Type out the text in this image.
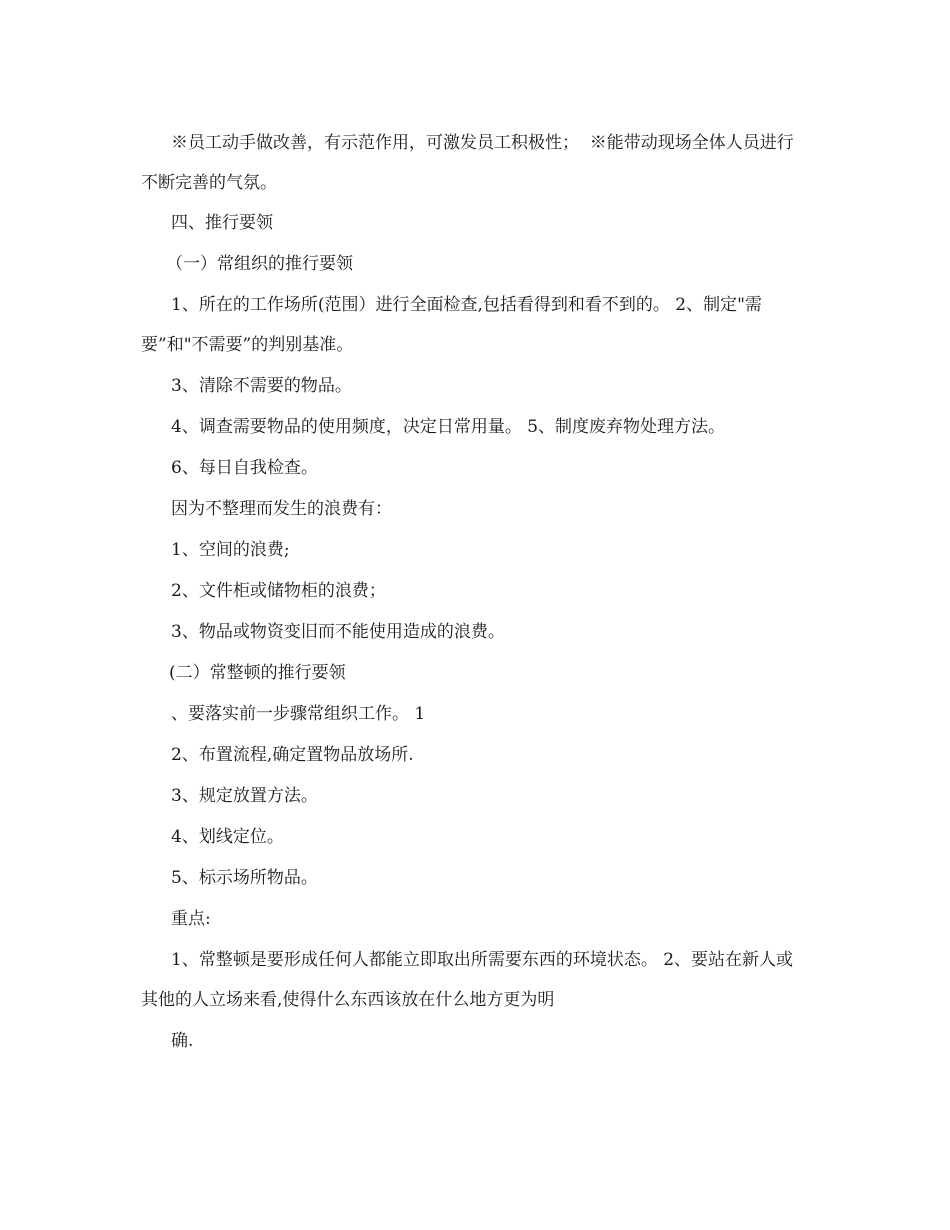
※员工动手做改善，有示范作用，可激发员工积极性；  ※能带动现场全体人员进行不断完善的气氛。

四、推行要领

（一）常组织的推行要领

1、所在的工作场所(范围）进行全面检查,包括看得到和看不到的。 2、制定"需要”和"不需要”的判别基准。

3、清除不需要的物品。

4、调查需要物品的使用频度，决定日常用量。 5、制度废弃物处理方法。

6、每日自我检查。

因为不整理而发生的浪费有：

1、空间的浪费;

2、文件柜或储物柜的浪费；

3、物品或物资变旧而不能使用造成的浪费。

(二）常整顿的推行要领

、要落实前一步骤常组织工作。 1

2、布置流程,确定置物品放场所.

3、规定放置方法。

4、划线定位。

5、标示场所物品。

重点:

1、常整顿是要形成任何人都能立即取出所需要东西的环境状态。 2、要站在新人或其他的人立场来看,使得什么东西该放在什么地方更为明

确.
